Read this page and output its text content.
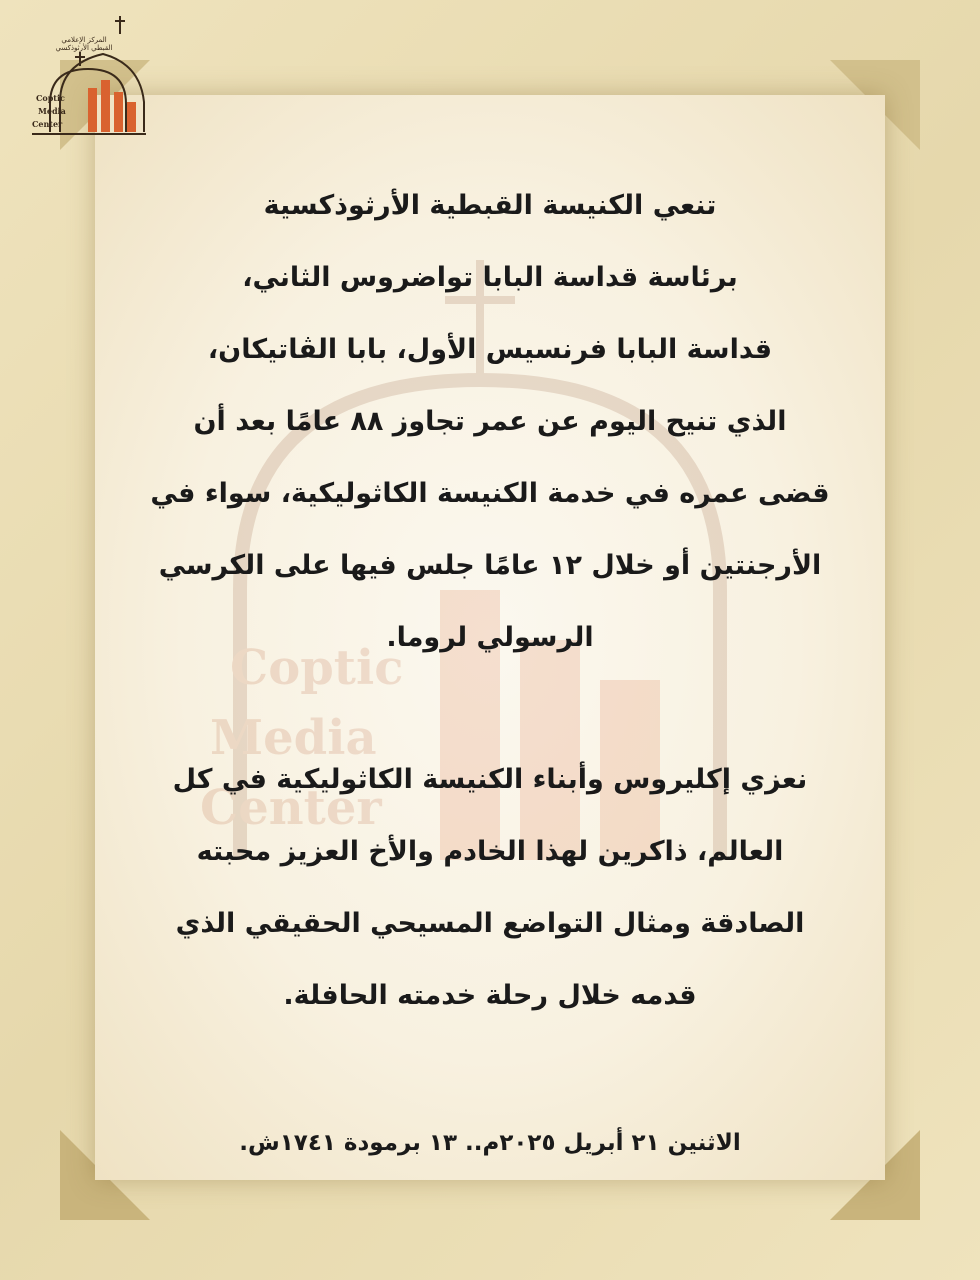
Coptic
Media
Center
المركز الإعلامي
القبطي الأرثوذكسي
Coptic
Media
Center
تنعي الكنيسة القبطية الأرثوذكسية
برئاسة قداسة البابا تواضروس الثاني،
قداسة البابا فرنسيس الأول، بابا الڤاتيكان،
الذي تنيح اليوم عن عمر تجاوز ٨٨ عامًا بعد أن
قضى عمره في خدمة الكنيسة الكاثوليكية، سواء في
الأرجنتين أو خلال ١٢ عامًا جلس فيها على الكرسي
الرسولي لروما.
نعزي إكليروس وأبناء الكنيسة الكاثوليكية في كل
العالم، ذاكرين لهذا الخادم والأخ العزيز محبته
الصادقة ومثال التواضع المسيحي الحقيقي الذي
قدمه خلال رحلة خدمته الحافلة.
الاثنين ٢١ أبريل ٢٠٢٥م.. ١٣ برمودة ١٧٤١ش.
